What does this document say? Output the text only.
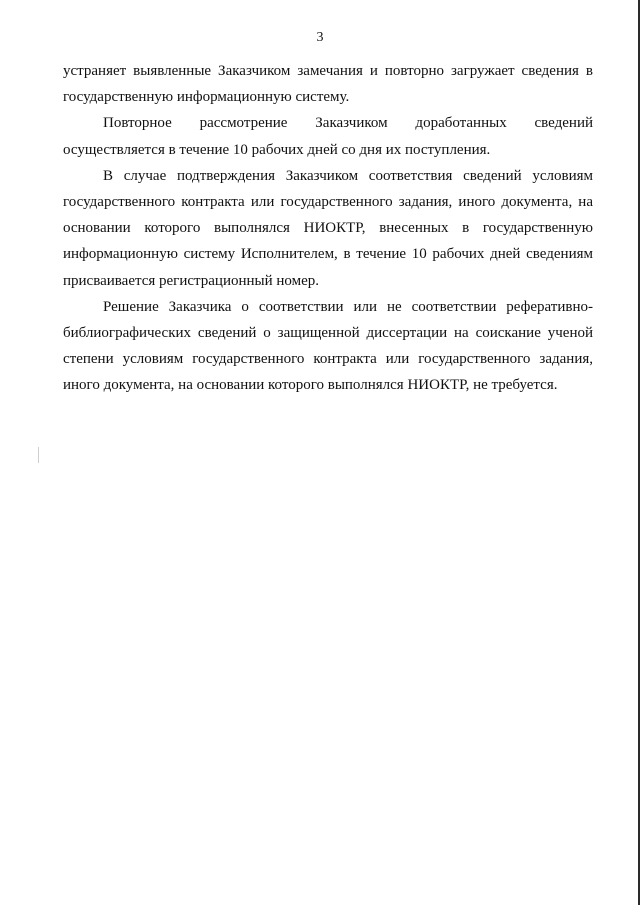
3

устраняет выявленные Заказчиком замечания и повторно загружает сведения в государственную информационную систему.

Повторное рассмотрение Заказчиком доработанных сведений осуществляется в течение 10 рабочих дней со дня их поступления.

В случае подтверждения Заказчиком соответствия сведений условиям государственного контракта или государственного задания, иного документа, на основании которого выполнялся НИОКТР, внесенных в государственную информационную систему Исполнителем, в течение 10 рабочих дней сведениям присваивается регистрационный номер.

Решение Заказчика о соответствии или не соответствии реферативно-библиографических сведений о защищенной диссертации на соискание ученой степени условиям государственного контракта или государственного задания, иного документа, на основании которого выполнялся НИОКТР, не требуется.
